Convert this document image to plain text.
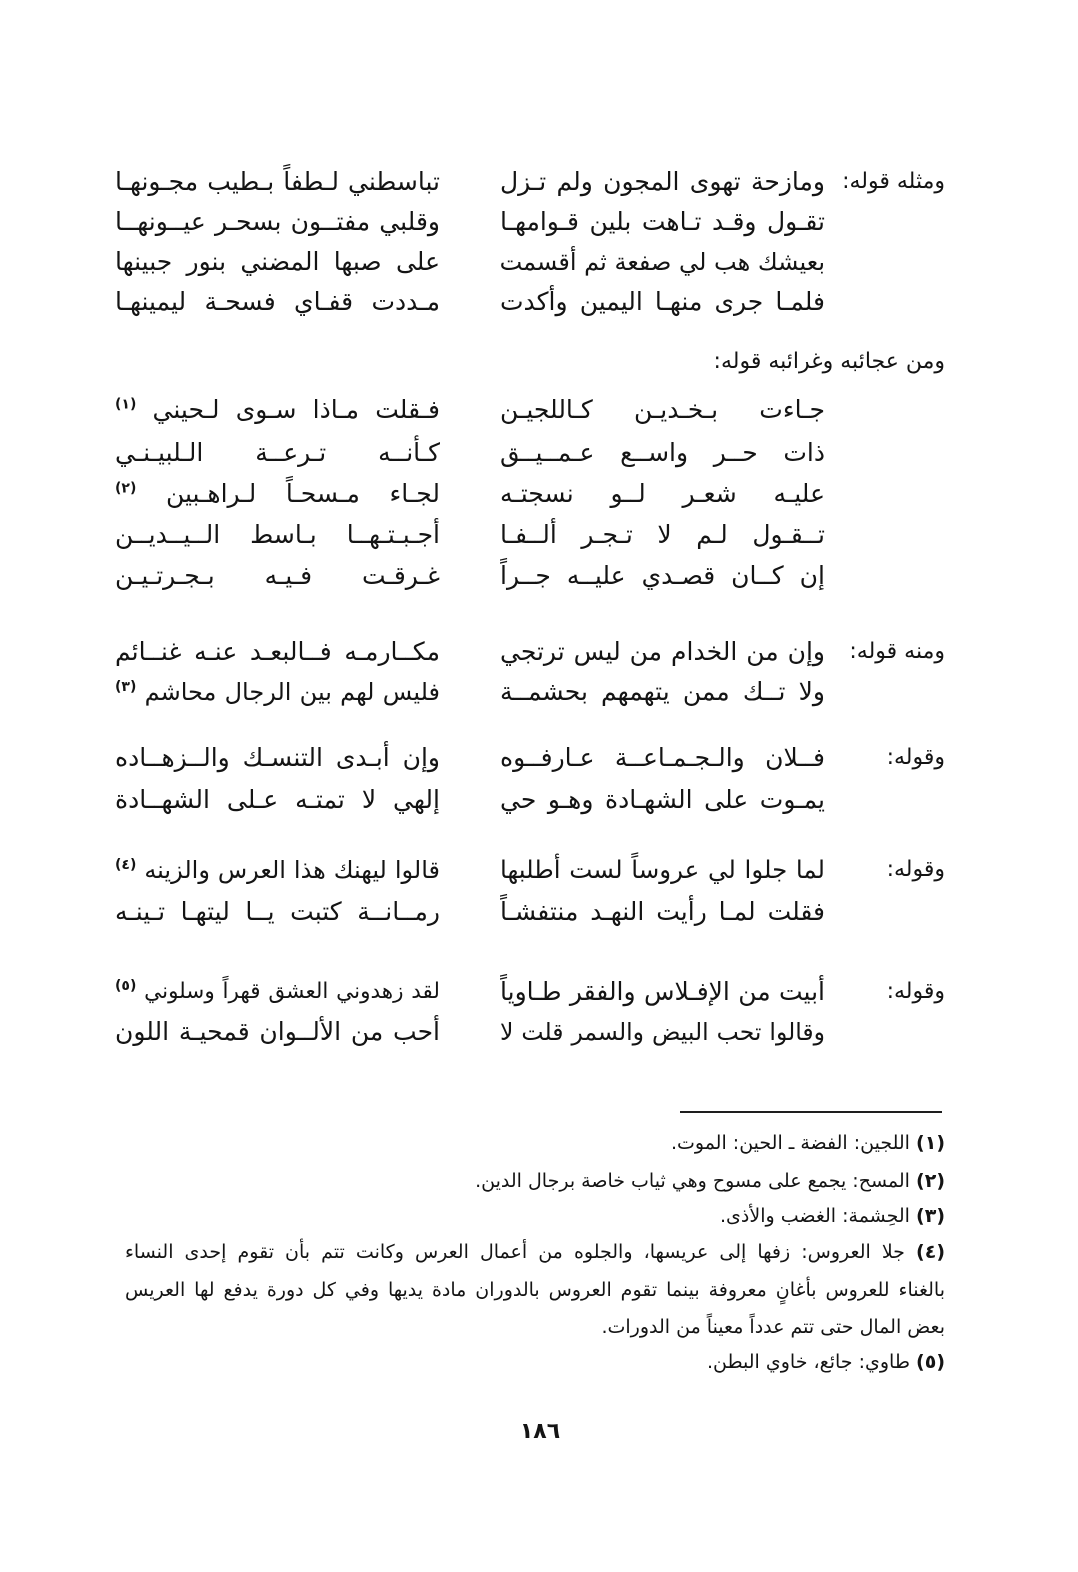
ومثله قوله:
ومازحة تهوى المجون ولم تـزل
تباسطني لـطفاً بـطيب مجـونهـا
تقـول وقـد تـاهت بلين قـوامهـا
وقلبي مفتــون بسحـر عيــونهــا
بعيشك هب لي صفعة ثم أقسمت
على صبها المضني بنور جبينها
فلمـا جرى منهـا اليمين وأكدت
مـددت قفـاي فسحـة ليمينهـا
ومن عجائبه وغرائبه قوله:
جـاءت بـخـديـن كـاللجيـن
فـقلت مـاذا سـوى لـحيني $^{(١)}$
ذات حــر واســع عـمــيــق
كـأنــه تـرعــة الـلبيـنـي
عليـه شعـر لــو نسجتـه
لجـاء مـسحـاً لـراهـبين $^{(٢)}$
تــقـول لـم لا تـجـر ألــفـا
أجـبـتـهــا بـاسط الــيــديــن
إن كــان قصـدي عليــه جــراً
غـرقـت فـيـه بـجـرتـيـن
ومنه قوله:
وإن من الخدام من ليس ترتجي
مكــارمـه فــالبعـد عنـه غنــائم
ولا تــك ممن يتهمهم بحشمــة
فليس لهم بين الرجال محاشم $^{(٣)}$
وقوله:
فــلان والـجـمـاعــة عـارفــوه
وإن أبـدى التنسـك والــزهــاده
يمـوت على الشهـادة وهـو حي
إلهي لا تمتـه عـلى الشهــادة
وقوله:
لما جلوا لي عروساً لست أطلبها
قالوا ليهنك هذا العرس والزينه $^{(٤)}$
فقلت لمـا رأيت النهـد منتفشـاً
رمــانــة كتبت يــا ليتهـا تـينـه
وقوله:
أبيت من الإفـلاس والفقر طـاوياً
لقد زهدوني العشق قهراً وسلوني $^{(٥)}$
وقالوا تحب البيض والسمر قلت لا
أحب من الألــوان قمحيـة اللون
(١) اللجين: الفضة ـ الحين: الموت.
(٢) المسح: يجمع على مسوح وهي ثياب خاصة برجال الدين.
(٣) الحِشمة: الغضب والأذى.
(٤) جلا العروس: زفها إلى عريسها، والجلوه من أعمال العرس وكانت تتم بأن تقوم إحدى النساء
بالغناء للعروس بأغانٍ معروفة بينما تقوم العروس بالدوران مادة يديها وفي كل دورة يدفع لها العريس
بعض المال حتى تتم عدداً معيناً من الدورات.
(٥) طاوي: جائع، خاوي البطن.
١٨٦
